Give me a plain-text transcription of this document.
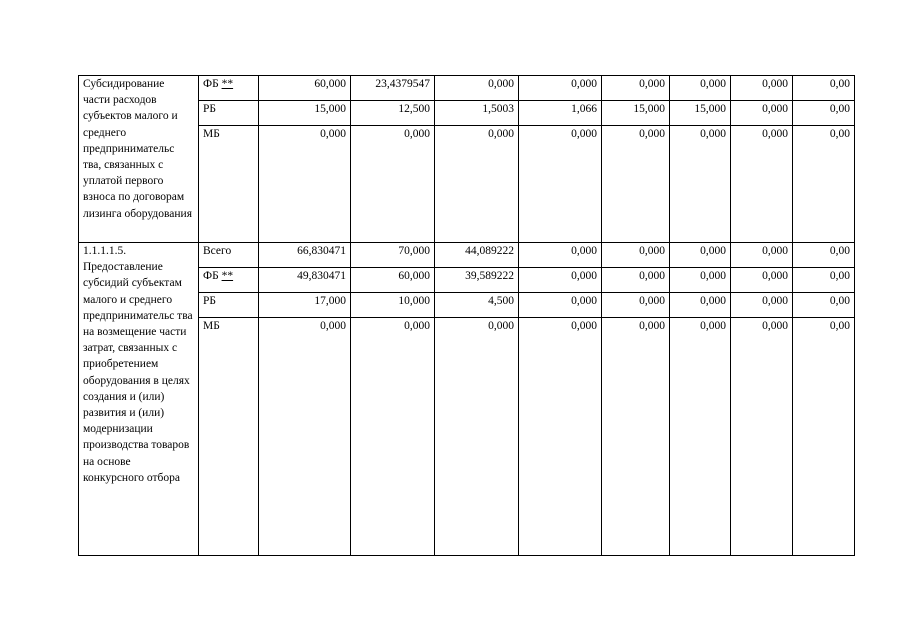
Субсидирование части расходов субъектов малого и среднего предпринимательс тва, связанных с уплатой первого взноса по договорам лизинга оборудования	ФБ **	60,000	23,4379547	0,000	0,000	0,000	0,000	0,000	0,00
	РБ	15,000	12,500	1,5003	1,066	15,000	15,000	0,000	0,00
	МБ	0,000	0,000	0,000	0,000	0,000	0,000	0,000	0,00
1.1.1.1.5. Предоставление субсидий субъектам малого и среднего предпринимательс тва на возмещение части затрат, связанных с приобретением оборудования в целях создания и (или) развития и (или) модернизации производства товаров на основе конкурсного отбора	Всего	66,830471	70,000	44,089222	0,000	0,000	0,000	0,000	0,00
	ФБ **	49,830471	60,000	39,589222	0,000	0,000	0,000	0,000	0,00
	РБ	17,000	10,000	4,500	0,000	0,000	0,000	0,000	0,00
	МБ	0,000	0,000	0,000	0,000	0,000	0,000	0,000	0,00
